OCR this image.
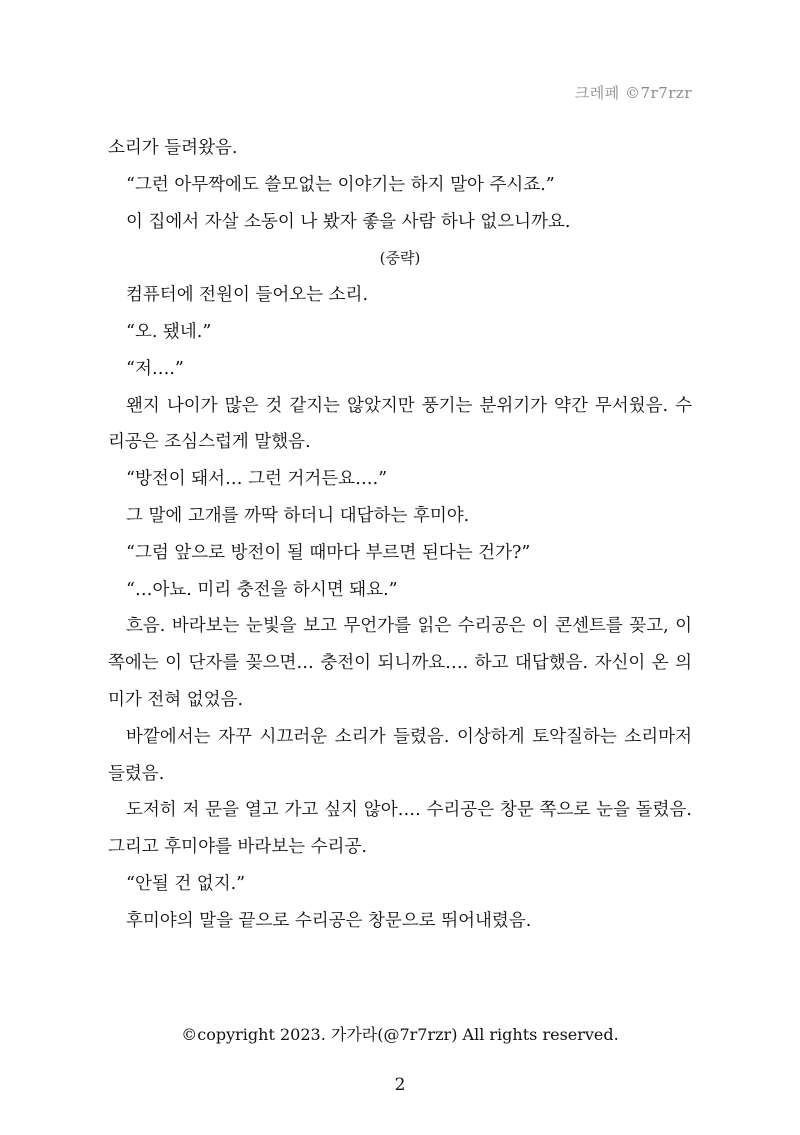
크레페 ©7r7rzr

소리가 들려왔음.

“그런 아무짝에도 쓸모없는 이야기는 하지 말아 주시죠.”

이 집에서 자살 소동이 나 봤자 좋을 사람 하나 없으니까요.

(중략)

컴퓨터에 전원이 들어오는 소리.

“오. 됐네.”

“저….”

왠지 나이가 많은 것 같지는 않았지만 풍기는 분위기가 약간 무서웠음. 수리공은 조심스럽게 말했음.

“방전이 돼서… 그런 거거든요….”

그 말에 고개를 까딱 하더니 대답하는 후미야.

“그럼 앞으로 방전이 될 때마다 부르면 된다는 건가?”

“…아뇨. 미리 충전을 하시면 돼요.”

흐음. 바라보는 눈빛을 보고 무언가를 읽은 수리공은 이 콘센트를 꽂고, 이 쪽에는 이 단자를 꽂으면… 충전이 되니까요…. 하고 대답했음. 자신이 온 의미가 전혀 없었음.

바깥에서는 자꾸 시끄러운 소리가 들렸음. 이상하게 토악질하는 소리마저 들렸음.

도저히 저 문을 열고 가고 싶지 않아…. 수리공은 창문 쪽으로 눈을 돌렸음. 그리고 후미야를 바라보는 수리공.

“안될 건 없지.”

후미야의 말을 끝으로 수리공은 창문으로 뛰어내렸음.

©copyright 2023. 가가라(@7r7rzr) All rights reserved.
2
